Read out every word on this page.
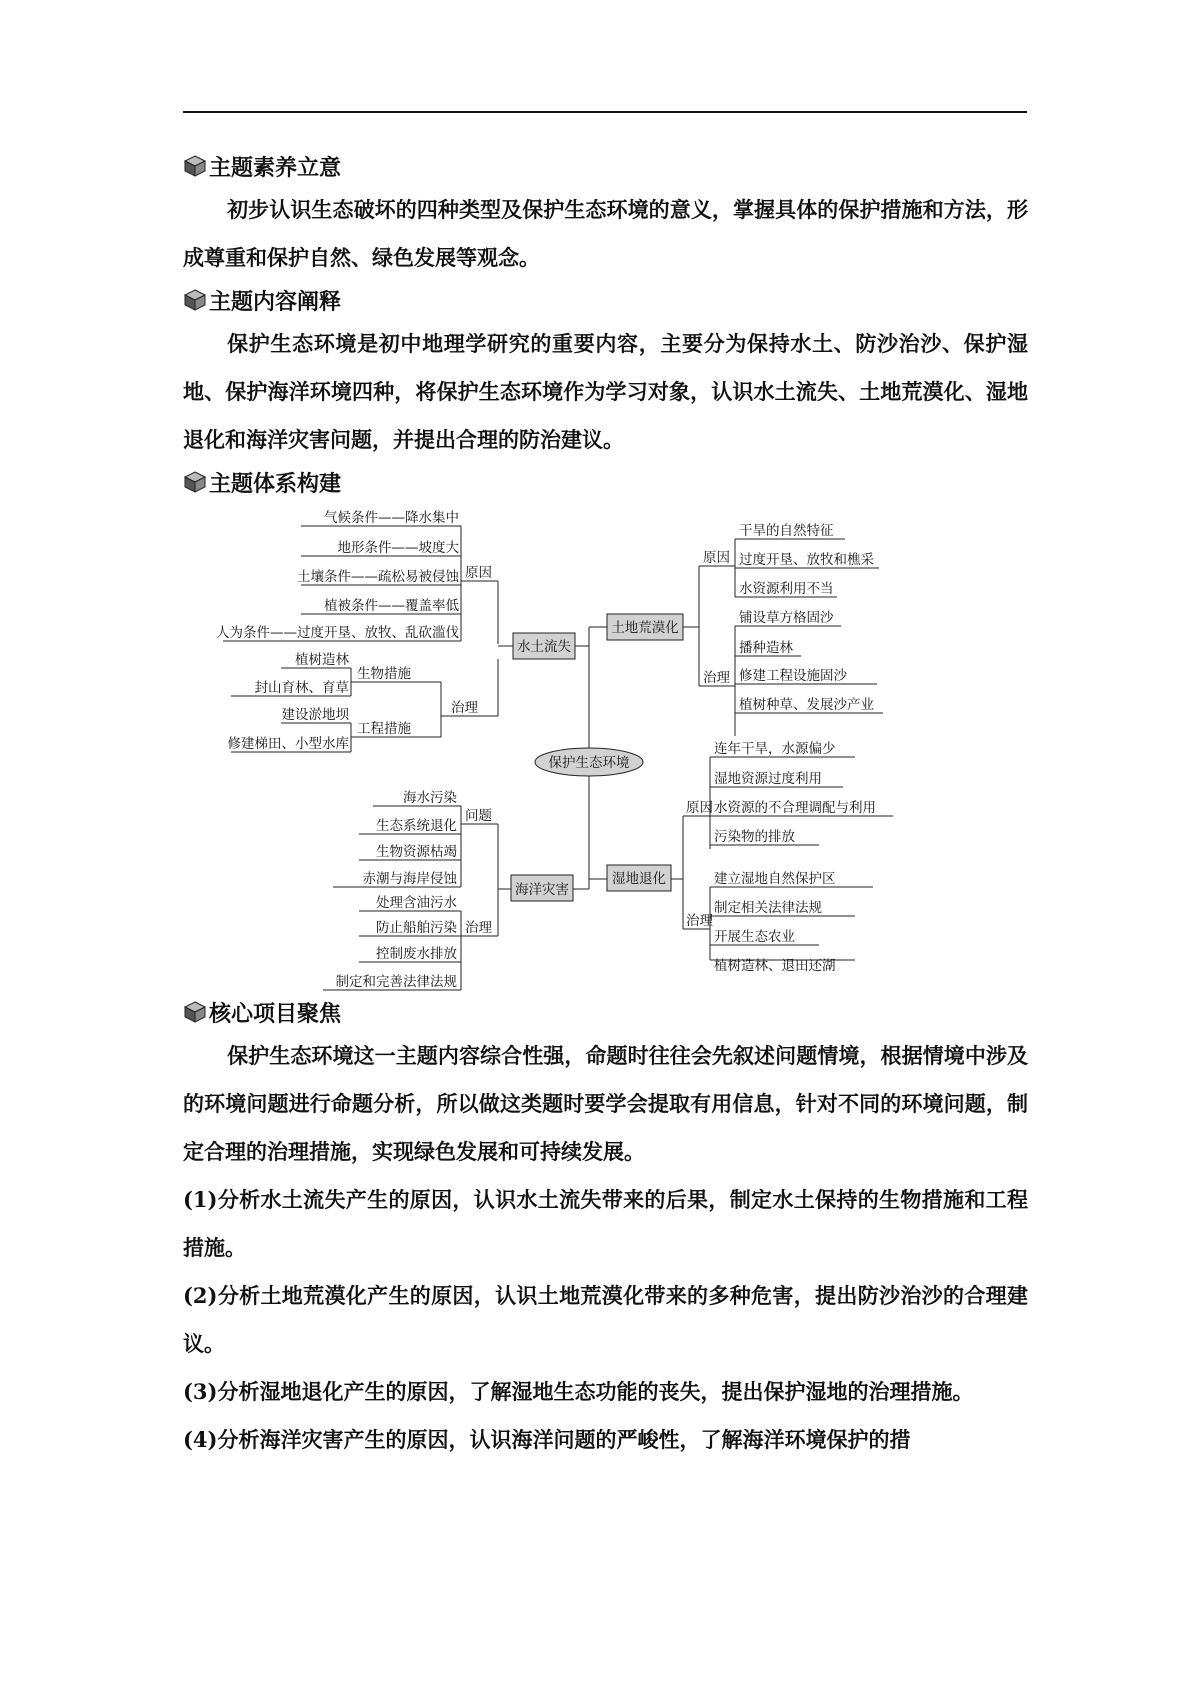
主题素养立意

初步认识生态破坏的四种类型及保护生态环境的意义，掌握具体的保护措施和方法，形成尊重和保护自然、绿色发展等观念。

主题内容阐释

保护生态环境是初中地理学研究的重要内容，主要分为保持水土、防沙治沙、保护湿地、保护海洋环境四种，将保护生态环境作为学习对象，认识水土流失、土地荒漠化、湿地退化和海洋灾害问题，并提出合理的防治建议。

主题体系构建
保护生态环境
水土流失
气候条件——降水集中
地形条件——坡度大
土壤条件——疏松易被侵蚀
植被条件——覆盖率低
人为条件——过度开垦、放牧、乱砍滥伐
原因
植树造林
封山育林、育草
生物措施
建设淤地坝
修建梯田、小型水库
工程措施
治理
土地荒漠化
原因
干旱的自然特征
过度开垦、放牧和樵采
水资源利用不当
治理
铺设草方格固沙
播种造林
修建工程设施固沙
植树种草、发展沙产业
湿地退化
原因
连年干旱，水源偏少
湿地资源过度利用
水资源的不合理调配与利用
污染物的排放
治理
建立湿地自然保护区
制定相关法律法规
开展生态农业
植树造林、退田还湖
海洋灾害
问题
海水污染
生态系统退化
生物资源枯竭
赤潮与海岸侵蚀
治理
处理含油污水
防止船舶污染
控制废水排放
制定和完善法律法规
核心项目聚焦

保护生态环境这一主题内容综合性强，命题时往往会先叙述问题情境，根据情境中涉及的环境问题进行命题分析，所以做这类题时要学会提取有用信息，针对不同的环境问题，制定合理的治理措施，实现绿色发展和可持续发展。

(1)分析水土流失产生的原因，认识水土流失带来的后果，制定水土保持的生物措施和工程措施。

(2)分析土地荒漠化产生的原因，认识土地荒漠化带来的多种危害，提出防沙治沙的合理建议。

(3)分析湿地退化产生的原因，了解湿地生态功能的丧失，提出保护湿地的治理措施。

(4)分析海洋灾害产生的原因，认识海洋问题的严峻性，了解海洋环境保护的措
